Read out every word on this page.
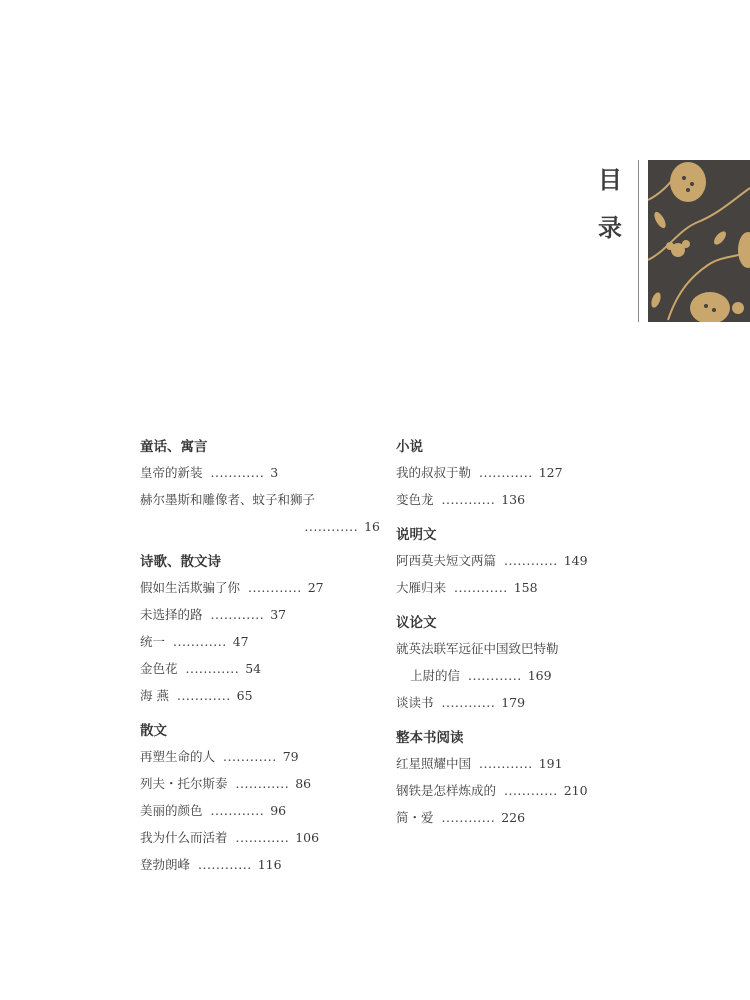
目
录
童话、寓言
皇帝的新装 ............ 3
赫尔墨斯和雕像者、蚊子和狮子
............ 16
诗歌、散文诗
假如生活欺骗了你 ............ 27
未选择的路 ............ 37
统一 ............ 47
金色花 ............ 54
海 燕 ............ 65
散文
再塑生命的人 ............ 79
列夫・托尔斯泰 ............ 86
美丽的颜色 ............ 96
我为什么而活着 ............ 106
登勃朗峰 ............ 116
小说
我的叔叔于勒 ............ 127
变色龙 ............ 136
说明文
阿西莫夫短文两篇 ............ 149
大雁归来 ............ 158
议论文
就英法联军远征中国致巴特勒
上尉的信 ............ 169
谈读书 ............ 179
整本书阅读
红星照耀中国 ............ 191
钢铁是怎样炼成的 ............ 210
简・爱 ............ 226
